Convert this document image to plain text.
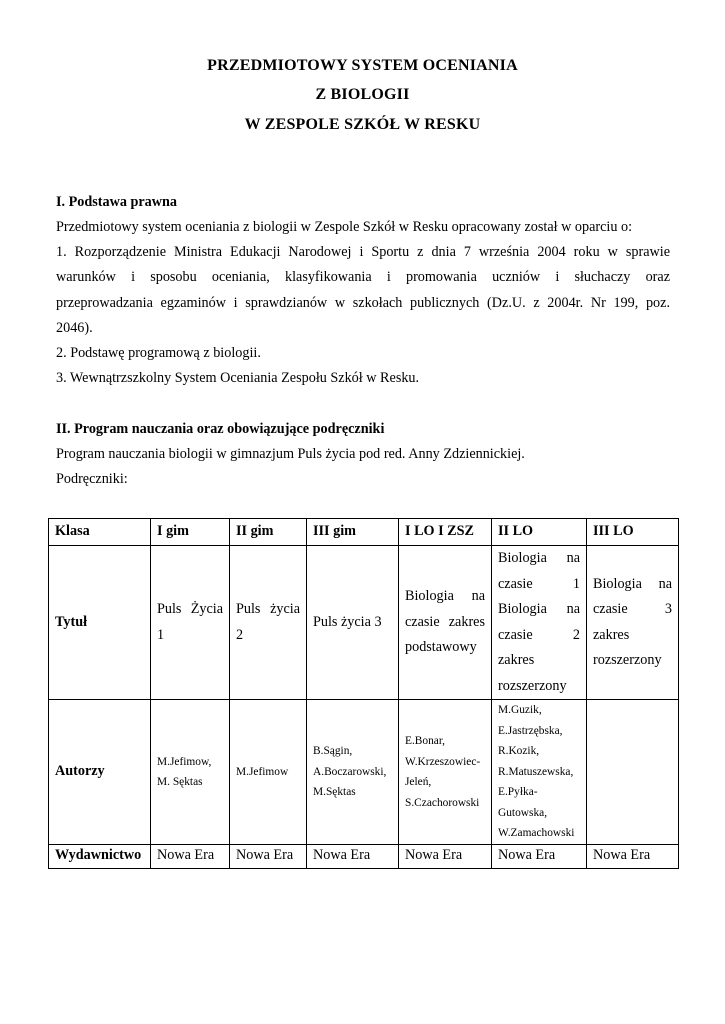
PRZEDMIOTOWY SYSTEM OCENIANIA
Z BIOLOGII
W ZESPOLE SZKÓŁ W RESKU
I. Podstawa prawna
Przedmiotowy system oceniania z biologii w Zespole Szkół w Resku opracowany został w oparciu o:
1. Rozporządzenie Ministra Edukacji Narodowej i Sportu z dnia 7 września 2004 roku w sprawie
warunków i sposobu oceniania, klasyfikowania i promowania uczniów i słuchaczy oraz
przeprowadzania egzaminów i sprawdzianów w szkołach publicznych (Dz.U. z 2004r. Nr 199, poz.
2046).
2. Podstawę programową z biologii.
3. Wewnątrzszkolny System Oceniania Zespołu Szkół w Resku.
II. Program nauczania oraz obowiązujące podręczniki
Program nauczania biologii w gimnazjum Puls życia pod red. Anny Zdziennickiej.
Podręczniki:
Klasa	I gim	II gim	III gim	I LO I ZSZ	II LO	III LO
Tytuł	Puls Życia 1	Puls życia 2	Puls życia 3	Biologia na czasie zakres podstawowy	Biologia na czasie 1 Biologia na czasie 2 zakres rozszerzony	Biologia na czasie 3 zakres rozszerzony
Autorzy	M.Jefimow, M. Sęktas	M.Jefimow	B.Sągin, A.Boczarowski, M.Sęktas	E.Bonar, W.Krzeszowiec-Jeleń, S.Czachorowski	M.Guzik, E.Jastrzębska, R.Kozik, R.Matuszewska, E.Pyłka-Gutowska, W.Zamachowski	
Wydawnictwo	Nowa Era	Nowa Era	Nowa Era	Nowa Era	Nowa Era	Nowa Era
